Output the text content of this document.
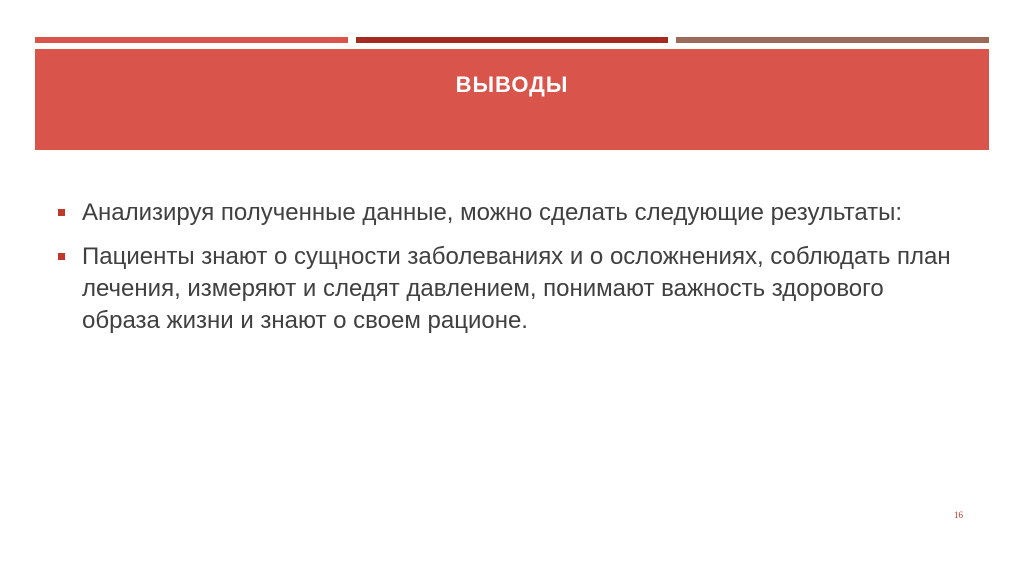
ВЫВОДЫ
Анализируя полученные данные, можно сделать следующие результаты:
Пациенты знают о сущности заболеваниях и о осложнениях, соблюдать план лечения, измеряют и следят давлением, понимают важность здорового образа жизни и знают о своем рационе.
16
